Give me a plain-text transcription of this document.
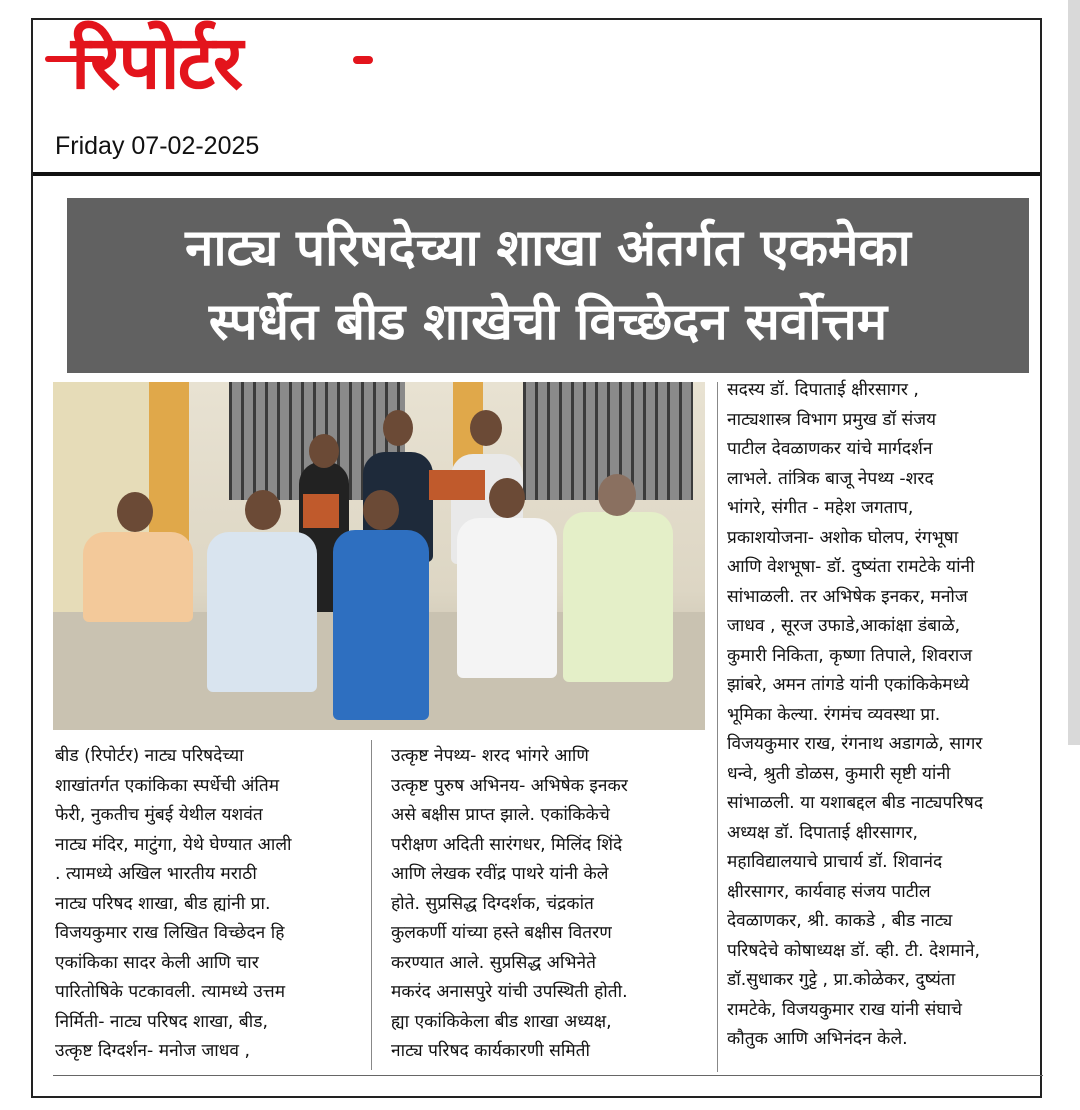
रिपोर्टर
Friday 07-02-2025
नाट्य परिषदेच्या शाखा अंतर्गत एकमेका
स्पर्धेत बीड शाखेची विच्छेदन सर्वोत्तम
बीड (रिपोर्टर) नाट्य परिषदेच्या
शाखांतर्गत एकांकिका स्पर्धेची अंतिम
फेरी, नुकतीच मुंबई येथील यशवंत
नाट्य मंदिर, माटुंगा, येथे घेण्यात आली
. त्यामध्ये अखिल भारतीय मराठी
नाट्य परिषद शाखा, बीड ह्यांनी प्रा.
विजयकुमार राख लिखित विच्छेदन हि
एकांकिका सादर केली आणि चार
पारितोषिके पटकावली. त्यामध्ये उत्तम
निर्मिती- नाट्य परिषद शाखा, बीड,
उत्कृष्ट दिग्दर्शन- मनोज जाधव ,
उत्कृष्ट नेपथ्य- शरद भांगरे आणि
उत्कृष्ट पुरुष अभिनय- अभिषेक इनकर
असे बक्षीस प्राप्त झाले. एकांकिकेचे
परीक्षण अदिती सारंगधर, मिलिंद शिंदे
आणि लेखक रवींद्र पाथरे यांनी केले
होते. सुप्रसिद्ध दिग्दर्शक, चंद्रकांत
कुलकर्णी यांच्या हस्ते बक्षीस वितरण
करण्यात आले. सुप्रसिद्ध अभिनेते
मकरंद अनासपुरे यांची उपस्थिती होती.
ह्या एकांकिकेला बीड शाखा अध्यक्ष,
नाट्य परिषद कार्यकारणी समिती
सदस्य डॉ. दिपाताई क्षीरसागर ,
नाट्यशास्त्र विभाग प्रमुख डॉ संजय
पाटील देवळाणकर यांचे मार्गदर्शन
लाभले. तांत्रिक बाजू नेपथ्य -शरद
भांगरे, संगीत - महेश जगताप,
प्रकाशयोजना- अशोक घोलप, रंगभूषा
आणि वेशभूषा- डॉ. दुष्यंता रामटेके यांनी
सांभाळली. तर अभिषेक इनकर, मनोज
जाधव , सूरज उफाडे,आकांक्षा डंबाळे,
कुमारी निकिता, कृष्णा तिपाले, शिवराज
झांबरे, अमन तांगडे यांनी एकांकिकेमध्ये
भूमिका केल्या. रंगमंच व्यवस्था प्रा.
विजयकुमार राख, रंगनाथ अडागळे, सागर
धन्वे, श्रुती डोळस, कुमारी सृष्टी यांनी
सांभाळली. या यशाबद्दल बीड नाट्यपरिषद
अध्यक्ष डॉ. दिपाताई क्षीरसागर,
महाविद्यालयाचे प्राचार्य डॉ. शिवानंद
क्षीरसागर, कार्यवाह संजय पाटील
देवळाणकर, श्री. काकडे , बीड नाट्य
परिषदेचे कोषाध्यक्ष डॉ. व्ही. टी. देशमाने,
डॉ.सुधाकर गुट्टे , प्रा.कोळेकर, दुष्यंता
रामटेके, विजयकुमार राख यांनी संघाचे
कौतुक आणि अभिनंदन केले.
